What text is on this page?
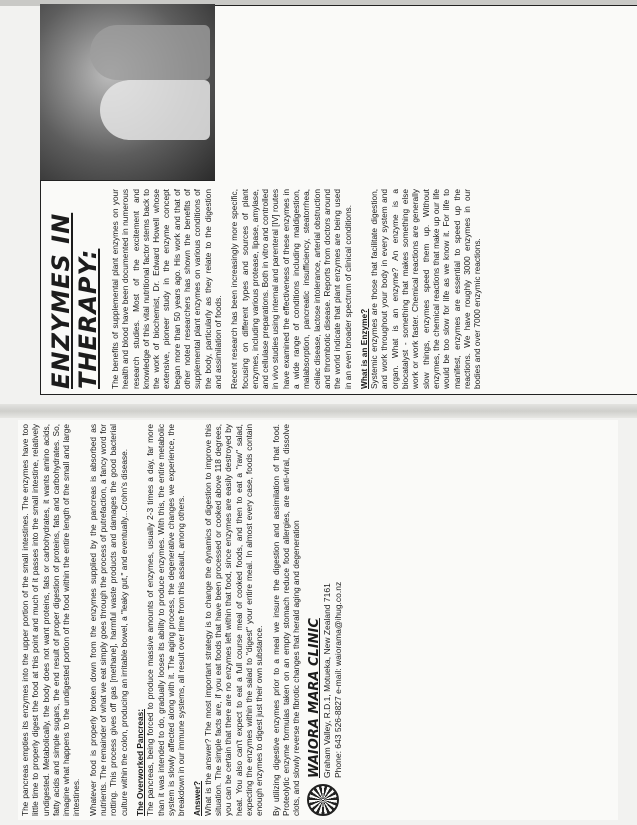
ENZYMES IN
THERAPY: The benefits of supplemental plant enzymes on your health and blood have been documented in numerous research studies. Most of the excitement and knowledge of this vital nutritional factor stems back to the work of biochemist, Dr. Edward Howell whose extensive, pioneer study in the enzyme concept began more than 50 years ago. His work and that of other noted researchers has shown the benefits of supplemental plant enzymes on various conditions of the body, particularly as they relate to the digestion and assimilation of foods. Recent research has been increasingly more specific, focusing on different types and sources of plant enzymes, including various protease, lipase, amylase, and cellulase preparations. Both in vitro and controlled in vivo studies using internal and parenteral [IV] routes have examined the effectiveness of these enzymes in a wide range of conditions including maldigestion, malabsorption, pancreatic insufficiency, steatorrhea, celiac disease, lactose intolerance, arterial obstruction and thrombotic disease. Reports from doctors around the world indicate that plant enzymes are being used in an even broader spectrum of clinical conditions. What is an Enzyme? Systemic enzymes are those that facilitate digestion, and work throughout your body in every system and organ. What is an enzyme? An enzyme is a biocatalyst - something that makes something else work or work faster. Chemical reactions are generally slow things, enzymes speed them up. Without enzymes, the chemical reactions that make up our life would be too slow for life as we know it. For life to manifest, enzymes are essential to speed up the reactions. We have roughly 3000 enzymes in our bodies and over 7000 enzymic reactions.

The pancreas empties its enzymes into the upper portion of the small intestines. The enzymes have too little time to properly digest the food at this point and much of it passes into the small intestine, relatively undigested. Metabolically, the body does not want proteins, fats or carbohydrates, it wants amino acids, fatty acids and simple sugars, the end result of proper digestion of proteins, fats and carbohydrates. So, imagine what happens to the undigested portion of the food within the entire length of the small and large intestines. Whatever food is properly broken down from the enzymes supplied by the pancreas is absorbed as nutrients. The remainder of what we eat simply goes through the process of putrefaction, a fancy word for rotting. This process gives off gas [methane], harmful waste products and damages the good bacterial culture within the colon, producing an irritable bowel, a "leaky gut," and eventually...Crohn's disease. The Overworked Pancreas: The pancreas, being forced to produce massive amounts of enzymes, usually 2-3 times a day, far more than it was intended to do, gradually looses its ability to produce enzymes. With this, the entire metabolic system is slowly affected along with it. The aging process, the degenerative changes we experience, the breakdown in our immune systems, all result over time from this assault, among others. Answer? What is the answer? The most important strategy is to change the dynamics of digestion to improve this situation. The simple facts are, if you eat foods that have been processed or cooked above 118 degrees, you can be certain that there are no enzymes left within that food, since enzymes are easily destroyed by heat. You also can't expect to eat a full course meal of cooked foods, and then to eat a "raw" salad, expecting the enzymes within the salad to "digest" your entire meal. In almost every case, foods contain enough enzymes to digest just their own substance. By utilizing digestive enzymes prior to a meal we insure the digestion and assimilation of that food. Proteolytic enzyme formulas taken on an empty stomach reduce food allergies, are anti-viral, dissolve clots, and slowly reverse the fibrotic changes that herald aging and degeneration WAIORA MARA CLINIC Graham Valley, R.D.1, Motueka, New Zealand 7161 Phone: 643 526-8827 e-mail: waiorama@ihug.co.nz
